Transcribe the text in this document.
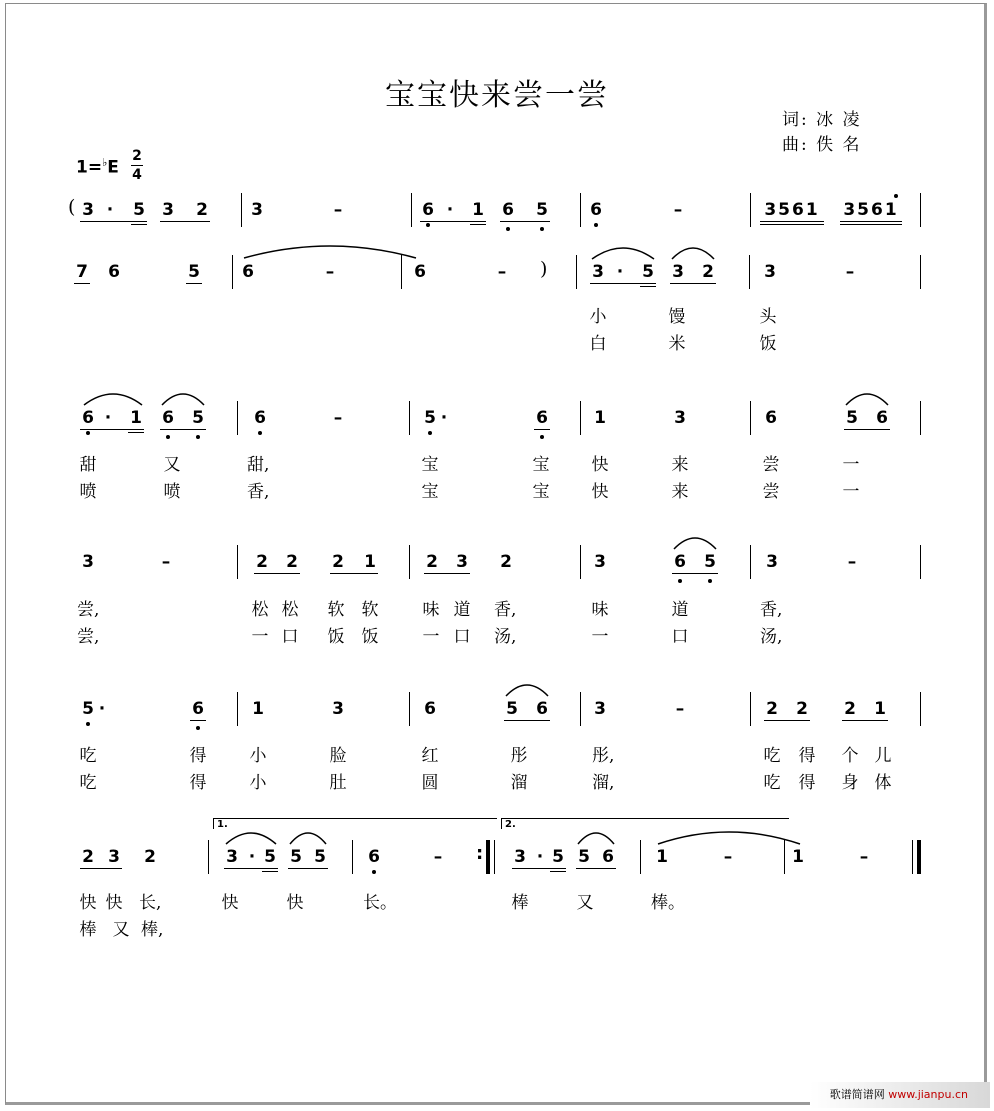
宝宝快来尝一尝
词: 冰 凌
曲: 佚 名
1=♭E
2
4
( 3 · 5 3 2	3	–	6 · 1 6 5 6	–	3561 3561
7 6	5 6	–	6	– )	3 · 5 3 2	3	–
小	馒	头
白	米	饭
6 · 1 6 5	6	–	5 ·	6	1	3	6	5 6
甜	又	甜,	宝	宝 快	来	尝	一
喷	喷	香,	宝	宝 快	来	尝	一
3	–	2 2 2 1	2 3 2	3	6 5	3	–
尝,	松 松 软 软	味 道 香,	味	道	香,
尝,	一 口 饭 饭	一 口 汤,	一	口	汤,
5 ·	6	1	3	6	5 6	3	–	2 2 2 1
吃	得	小	脸	红	彤	彤,	吃 得 个 儿
吃	得	小	肚	圆	溜	溜,	吃 得 身 体
1.	2.
2 3 2	3 · 5 5 5 6	– : 3 · 5 5 6 1	–	1	–
快 快 长,	快	快	长。	棒	又	棒。
棒 又 棒,
歌谱简谱网 www.jianpu.cn
